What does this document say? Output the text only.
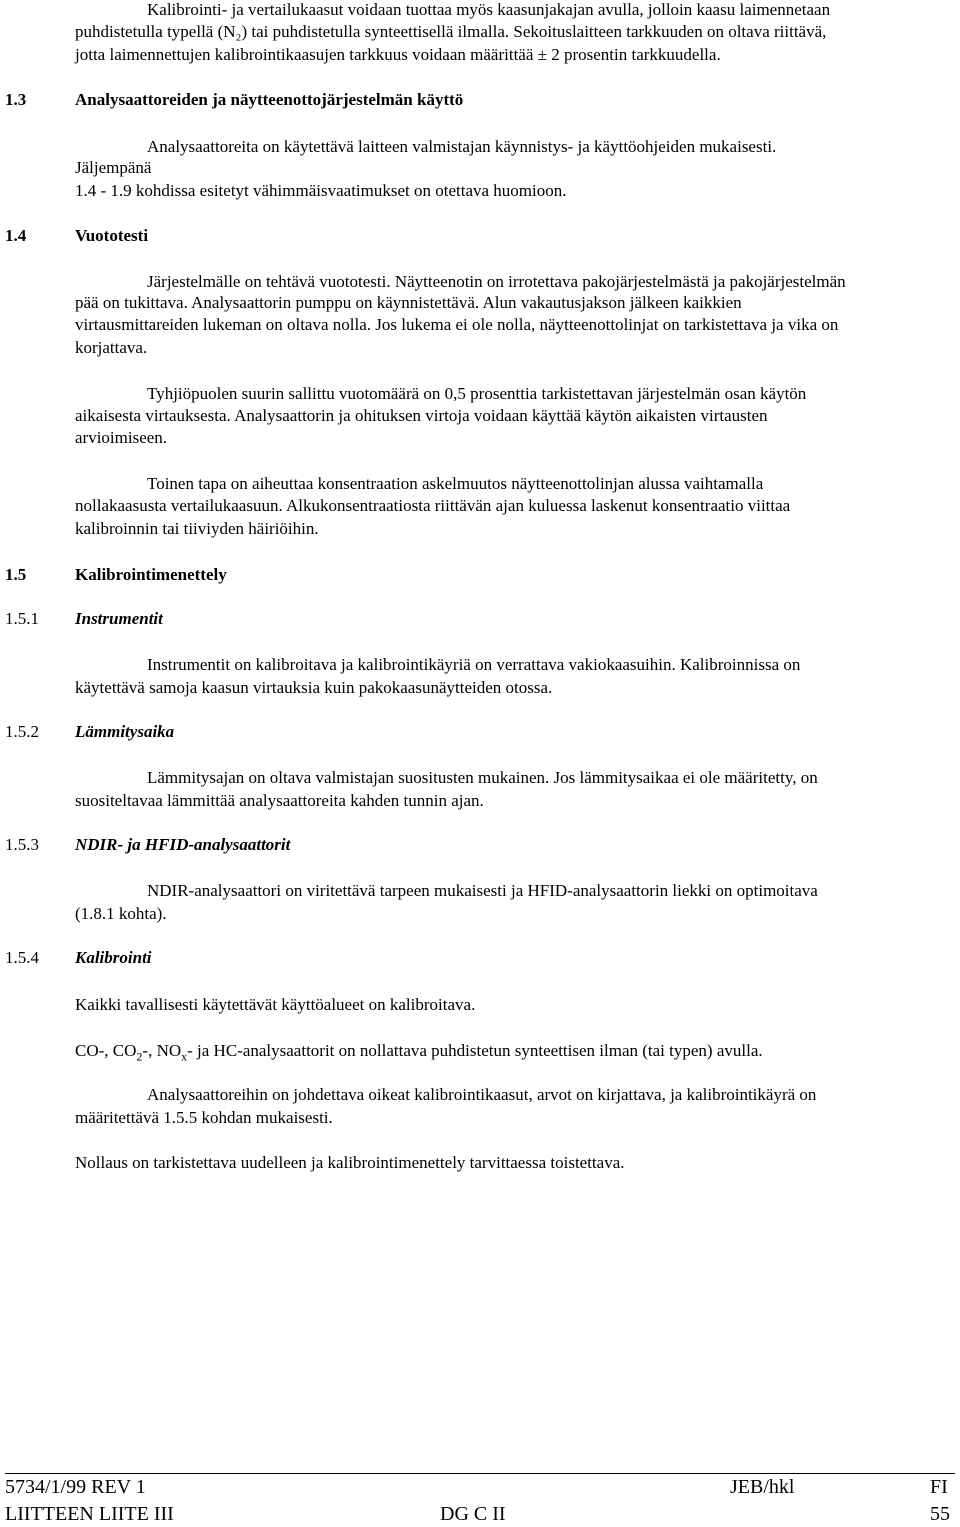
Kalibrointi- ja vertailukaasut voidaan tuottaa myös kaasunjakajan avulla, jolloin kaasu laimennetaan
puhdistetulla typellä (N₂) tai puhdistetulla synteettisellä ilmalla. Sekoituslaitteen tarkkuuden on oltava riittävä,
jotta laimennettujen kalibrointikaasujen tarkkuus voidaan määrittää ± 2 prosentin tarkkuudella.
1.3	Analysaattoreiden ja näytteenottojärjestelmän käyttö
Analysaattoreita on käytettävä laitteen valmistajan käynnistys- ja käyttöohjeiden mukaisesti.
Jäljempänä
1.4 - 1.9 kohdissa esitetyt vähimmäisvaatimukset on otettava huomioon.
1.4	Vuototesti
Järjestelmälle on tehtävä vuototesti. Näytteenotin on irrotettava pakojärjestelmästä ja pakojärjestelmän
pää on tukittava. Analysaattorin pumppu on käynnistettävä. Alun vakautusjakson jälkeen kaikkien
virtausmittareiden lukeman on oltava nolla. Jos lukema ei ole nolla, näytteenottolinjat on tarkistettava ja vika on
korjattava.
Tyhjiöpuolen suurin sallittu vuotomäärä on 0,5 prosenttia tarkistettavan järjestelmän osan käytön
aikaisesta virtauksesta. Analysaattorin ja ohituksen virtoja voidaan käyttää käytön aikaisten virtausten
arvioimiseen.
Toinen tapa on aiheuttaa konsentraation askelmuutos näytteenottolinjan alussa vaihtamalla
nollakaasusta vertailukaasuun. Alkukonsentraatiosta riittävän ajan kuluessa laskenut konsentraatio viittaa
kalibroinnin tai tiiviyden häiriöihin.
1.5	Kalibrointimenettely
1.5.1 Instrumentit
Instrumentit on kalibroitava ja kalibrointikäyriä on verrattava vakiokaasuihin. Kalibroinnissa on
käytettävä samoja kaasun virtauksia kuin pakokaasunäytteiden otossa.
1.5.2 Lämmitysaika
Lämmitysajan on oltava valmistajan suositusten mukainen. Jos lämmitysaikaa ei ole määritetty, on
suositeltavaa lämmittää analysaattoreita kahden tunnin ajan.
1.5.3 NDIR- ja HFID-analysaattorit
NDIR-analysaattori on viritettävä tarpeen mukaisesti ja HFID-analysaattorin liekki on optimoitava
(1.8.1 kohta).
1.5.4 Kalibrointi
Kaikki tavallisesti käytettävät käyttöalueet on kalibroitava.
CO-, $CO_2-$, $NO_x-$ ja HC-analysaattorit on nollattava puhdistetun synteettisen ilman (tai typen) avulla.
Analysaattoreihin on johdettava oikeat kalibrointikaasut, arvot on kirjattava, ja kalibrointikäyrä on
määritettävä 1.5.5 kohdan mukaisesti.
Nollaus on tarkistettava uudelleen ja kalibrointimenettely tarvittaessa toistettava.
5734/1/99 REV 1	JEB/hkl	FI
LIITTEEN LIITE III	DG C II	55
